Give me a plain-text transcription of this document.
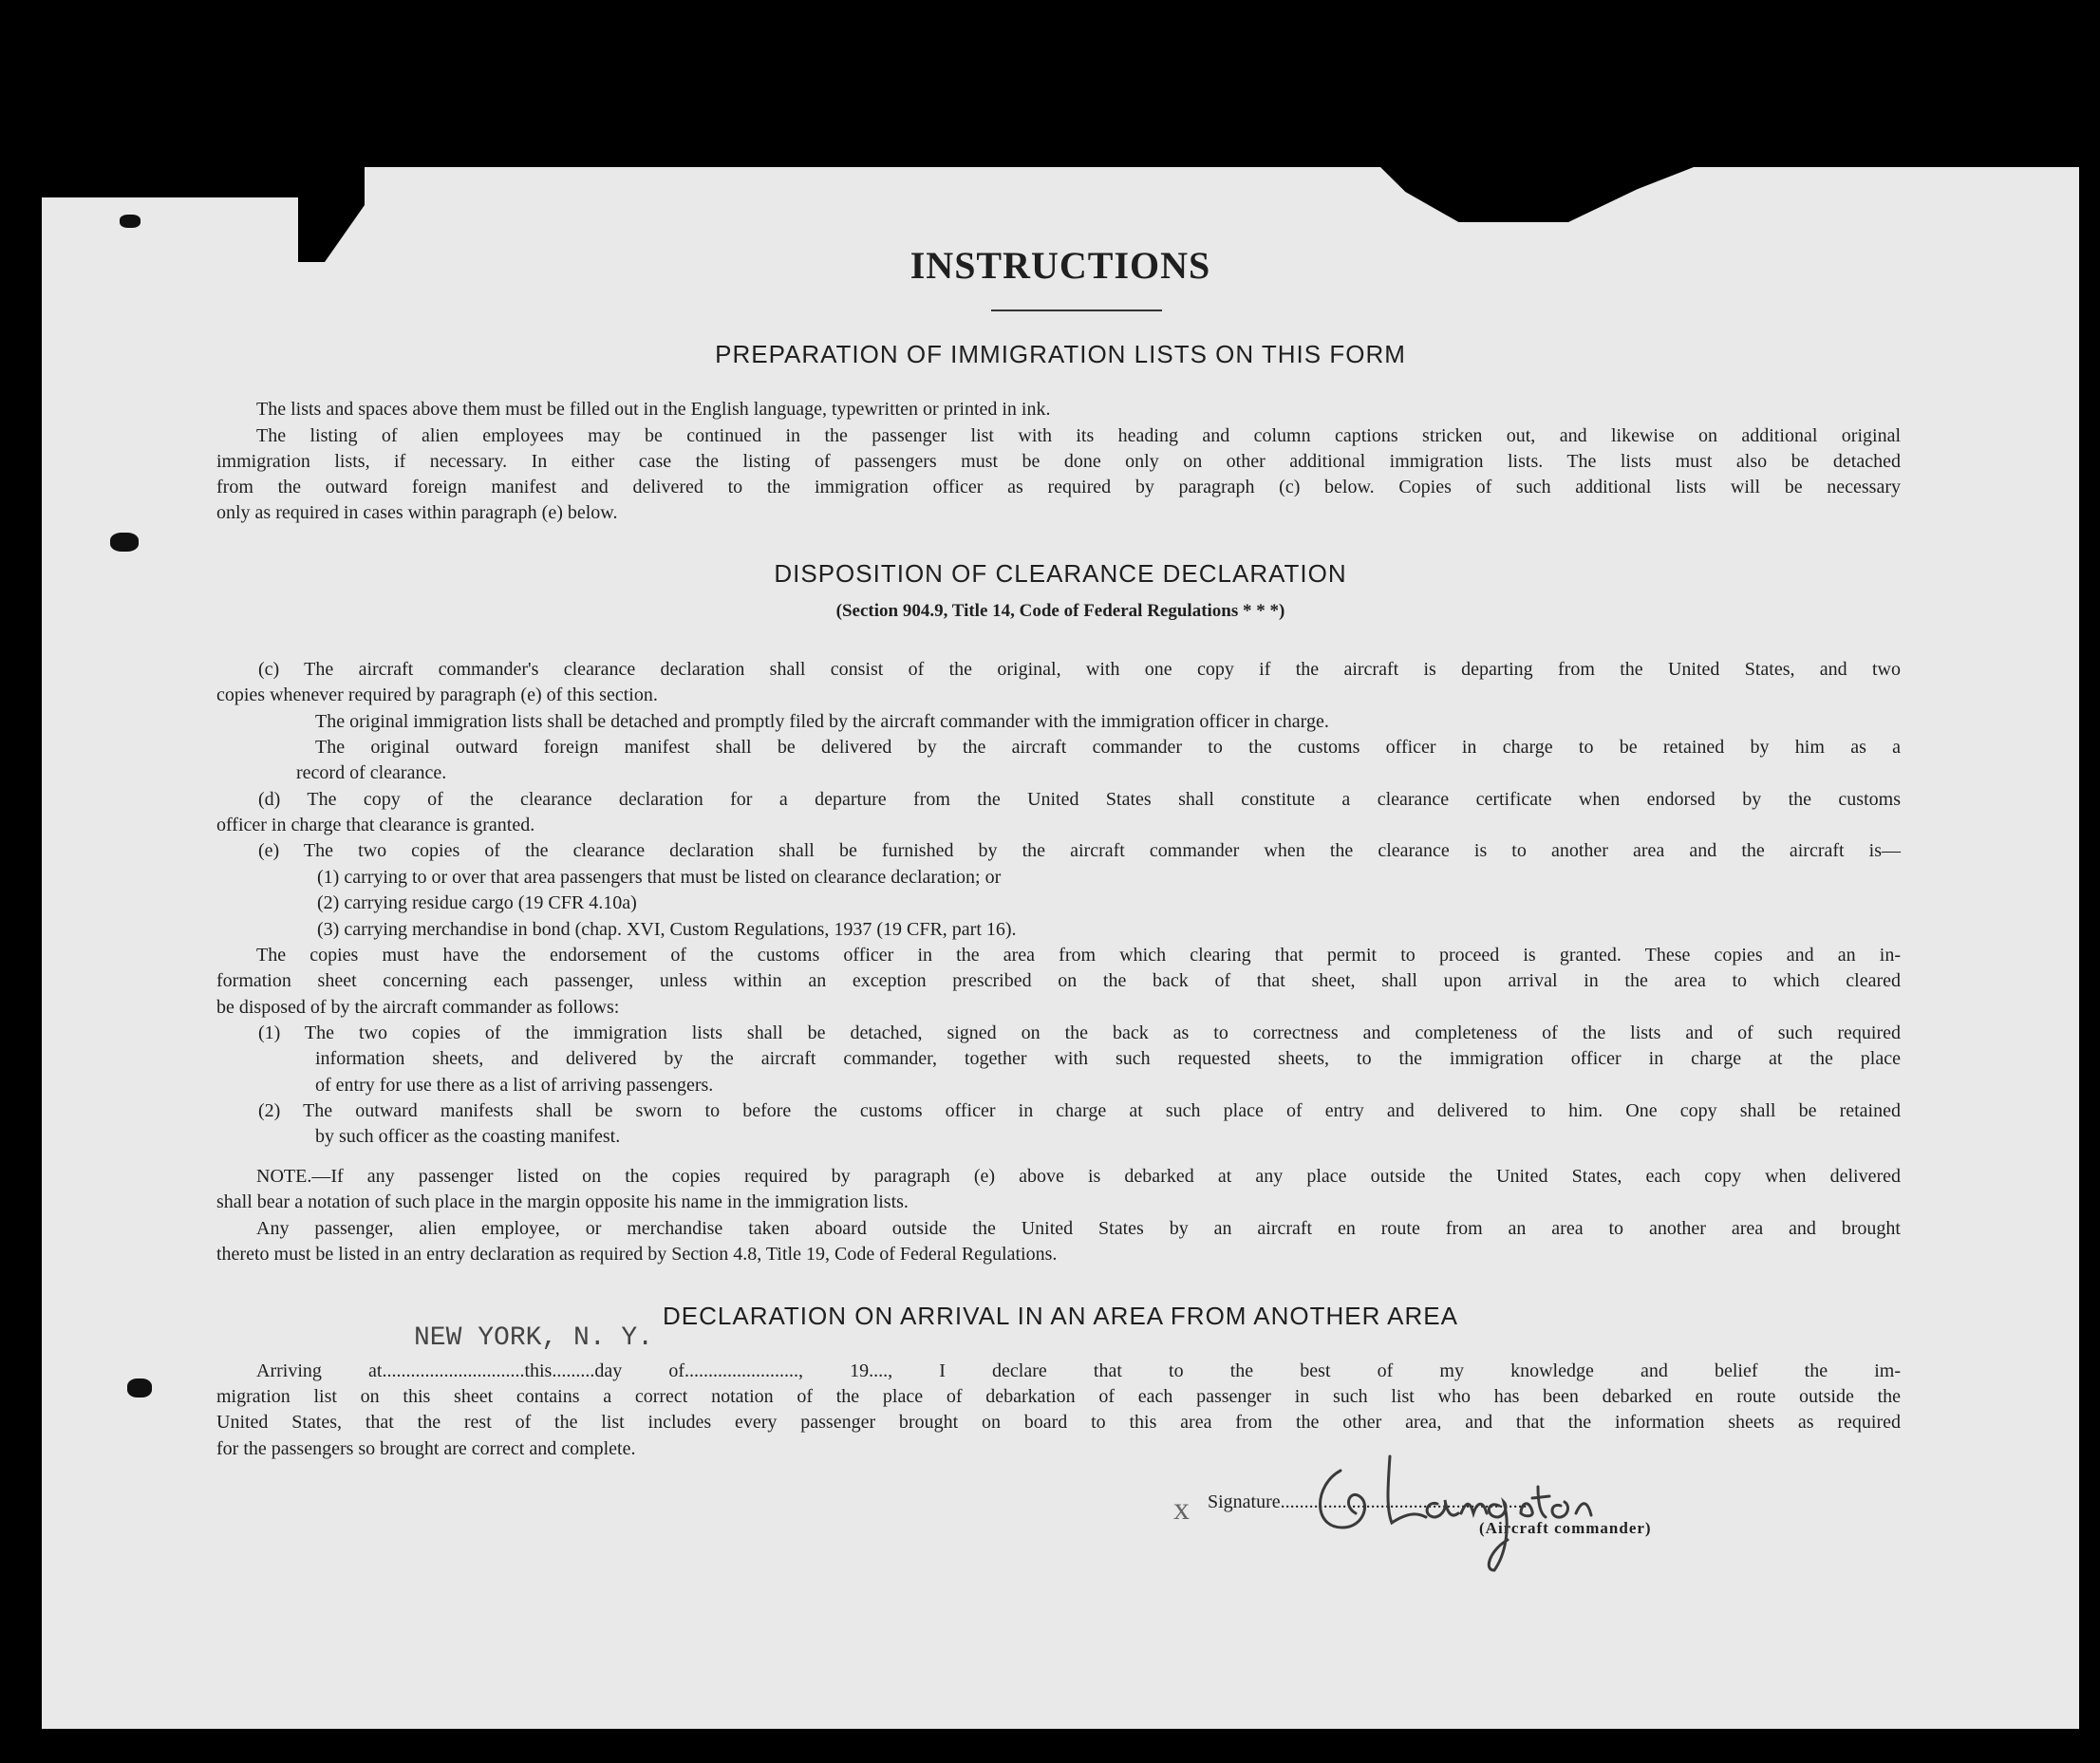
INSTRUCTIONS
PREPARATION OF IMMIGRATION LISTS ON THIS FORM
The lists and spaces above them must be filled out in the English language, typewritten or printed in ink.
The listing of alien employees may be continued in the passenger list with its heading and column captions stricken out, and likewise on additional original
immigration lists, if necessary. In either case the listing of passengers must be done only on other additional immigration lists. The lists must also be detached
from the outward foreign manifest and delivered to the immigration officer as required by paragraph (c) below. Copies of such additional lists will be necessary
only as required in cases within paragraph (e) below.
DISPOSITION OF CLEARANCE DECLARATION
(Section 904.9, Title 14, Code of Federal Regulations * * *)
(c) The aircraft commander's clearance declaration shall consist of the original, with one copy if the aircraft is departing from the United States, and two
copies whenever required by paragraph (e) of this section.
The original immigration lists shall be detached and promptly filed by the aircraft commander with the immigration officer in charge.
The original outward foreign manifest shall be delivered by the aircraft commander to the customs officer in charge to be retained by him as a
record of clearance.
(d) The copy of the clearance declaration for a departure from the United States shall constitute a clearance certificate when endorsed by the customs
officer in charge that clearance is granted.
(e) The two copies of the clearance declaration shall be furnished by the aircraft commander when the clearance is to another area and the aircraft is—
(1) carrying to or over that area passengers that must be listed on clearance declaration; or
(2) carrying residue cargo (19 CFR 4.10a)
(3) carrying merchandise in bond (chap. XVI, Custom Regulations, 1937 (19 CFR, part 16).
The copies must have the endorsement of the customs officer in the area from which clearing that permit to proceed is granted. These copies and an in-
formation sheet concerning each passenger, unless within an exception prescribed on the back of that sheet, shall upon arrival in the area to which cleared
be disposed of by the aircraft commander as follows:
(1) The two copies of the immigration lists shall be detached, signed on the back as to correctness and completeness of the lists and of such required
information sheets, and delivered by the aircraft commander, together with such requested sheets, to the immigration officer in charge at the place
of entry for use there as a list of arriving passengers.
(2) The outward manifests shall be sworn to before the customs officer in charge at such place of entry and delivered to him. One copy shall be retained
by such officer as the coasting manifest.
NOTE.—If any passenger listed on the copies required by paragraph (e) above is debarked at any place outside the United States, each copy when delivered
shall bear a notation of such place in the margin opposite his name in the immigration lists.
Any passenger, alien employee, or merchandise taken aboard outside the United States by an aircraft en route from an area to another area and brought
thereto must be listed in an entry declaration as required by Section 4.8, Title 19, Code of Federal Regulations.
DECLARATION ON ARRIVAL IN AN AREA FROM ANOTHER AREA
NEW YORK, N. Y.
Arriving at..............................this.........day of........................, 19...., I declare that to the best of my knowledge and belief the im-
migration list on this sheet contains a correct notation of the place of debarkation of each passenger in such list who has been debarked en route outside the
United States, that the rest of the list includes every passenger brought on board to this area from the other area, and that the information sheets as required
for the passengers so brought are correct and complete.
x Signature....................................................
(Aircraft commander)
